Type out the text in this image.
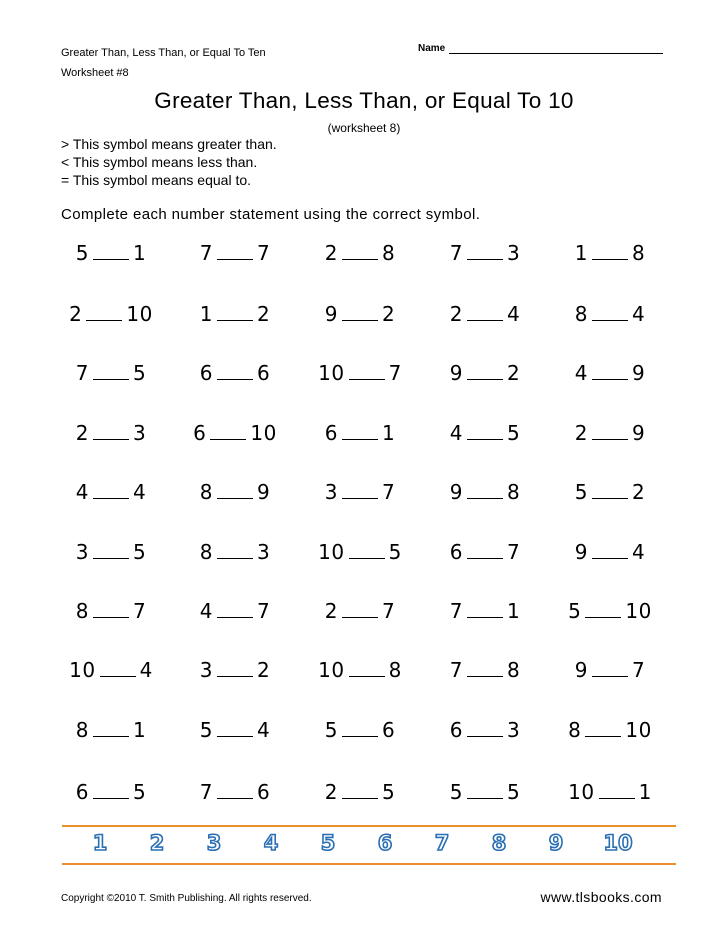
Greater Than, Less Than, or Equal To Ten
Worksheet #8
Name
Greater Than, Less Than, or Equal To 10
(worksheet 8)
> This symbol means greater than.
< This symbol means less than.
= This symbol means equal to.
Complete each number statement using the correct symbol.
5 1	7 7	2 8	7 3	1 8
2 10	1 2	9 2	2 4	8 4
7 5	6 6	10 7	9 2	4 9
2 3	6 10	6 1	4 5	2 9
4 4	8 9	3 7	9 8	5 2
3 5	8 3	10 5	6 7	9 4
8 7	4 7	2 7	7 1	5 10
10 4	3 2	10 8	7 8	9 7
8 1	5 4	5 6	6 3	8 10
6 5	7 6	2 5	5 5	10 1
1	2	3	4	5	6	7	8	9	10
Copyright ©2010 T. Smith Publishing. All rights reserved.	www.tlsbooks.com
